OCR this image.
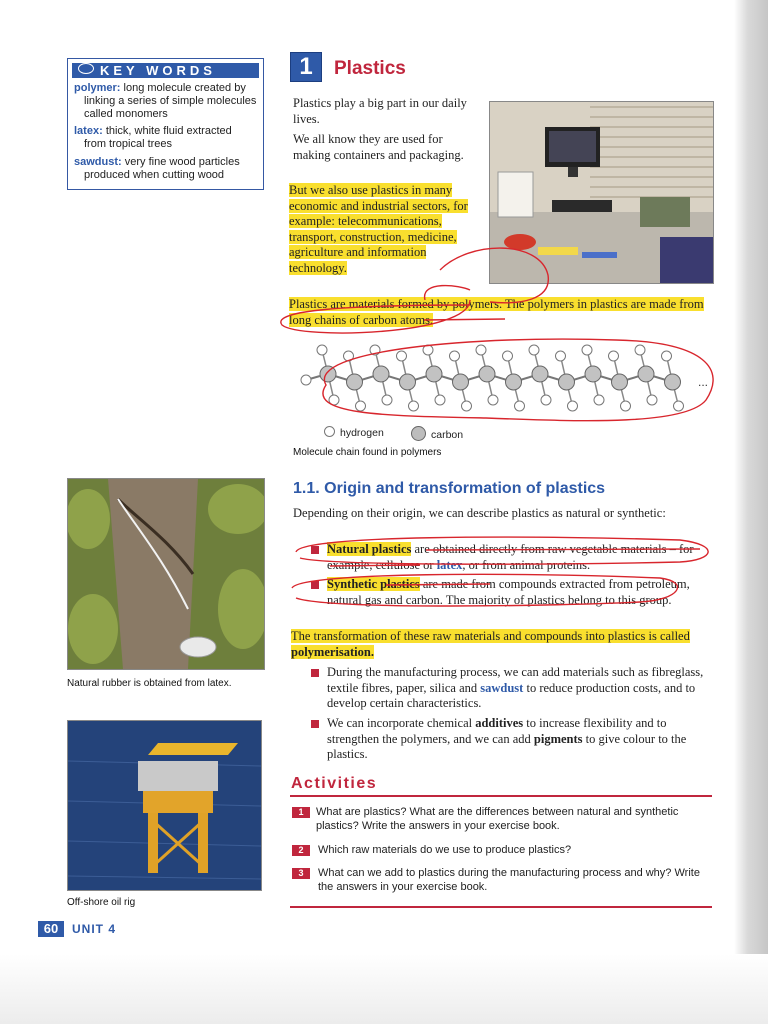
KEY WORDS

polymer: long molecule created by
linking a series of simple molecules called monomers

latex: thick, white fluid extracted
from tropical trees

sawdust: very fine wood particles
produced when cutting wood

1	Plastics
Plastics play a big part in our daily lives.
We all know they are used for making containers and packaging.
But we also use plastics in many economic and industrial sectors, for example: telecommunications, transport, construction, medicine, agriculture and information technology.
Plastics are materials formed by polymers. The polymers in plastics are made from long chains of carbon atoms.
...
hydrogen	carbon
Molecule chain found in polymers
Natural rubber is obtained from latex.
Off-shore oil rig
1.1. Origin and transformation of plastics
Depending on their origin, we can describe plastics as natural or synthetic:
Natural plastics are obtained directly from raw vegetable materials – for example, cellulose or latex, or from animal proteins.
Synthetic plastics are made from compounds extracted from petroleum, natural gas and carbon. The majority of plastics belong to this group.
The transformation of these raw materials and compounds into plastics is called polymerisation.
During the manufacturing process, we can add materials such as fibreglass, textile fibres, paper, silica and sawdust to reduce production costs, and to develop certain characteristics.
We can incorporate chemical additives to increase flexibility and to strengthen the polymers, and we can add pigments to give colour to the plastics.
Activities
1	What are plastics? What are the differences between natural and synthetic plastics? Write the answers in your exercise book.
2	Which raw materials do we use to produce plastics?
3	What can we add to plastics during the manufacturing process and why? Write the answers in your exercise book.
60	UNIT 4
